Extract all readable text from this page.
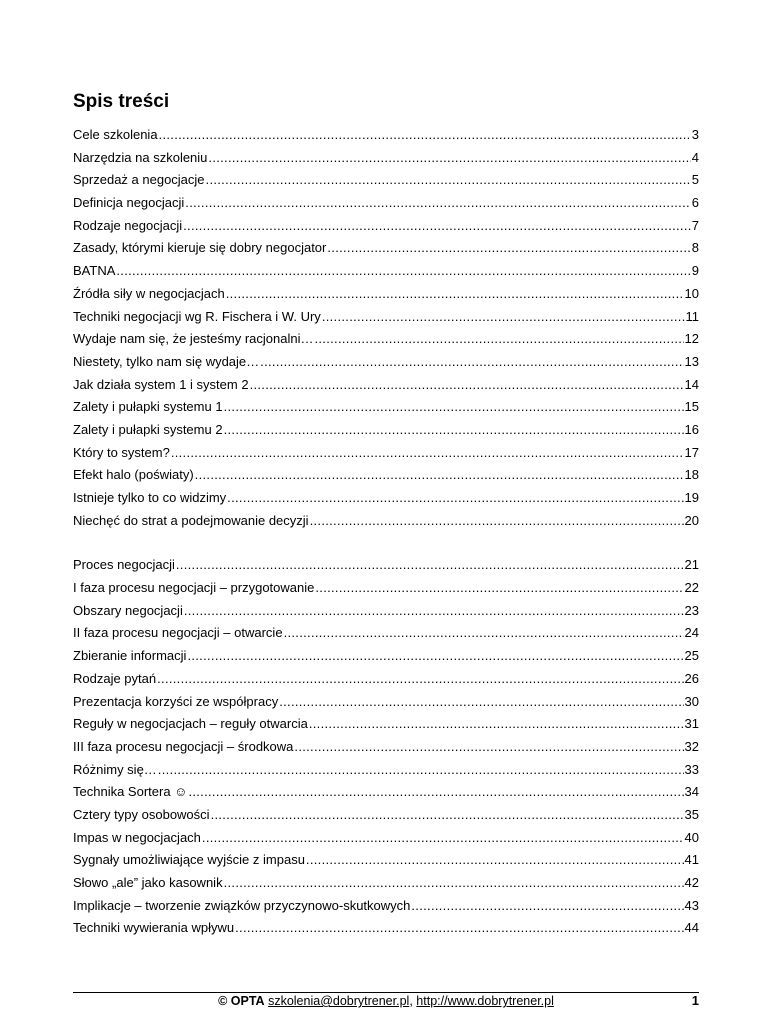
Spis treści
Cele szkolenia .....	3
Narzędzia na szkoleniu .....	4
Sprzedaż a negocjacje .....	5
Definicja negocjacji .....	6
Rodzaje negocjacji .....	7
Zasady, którymi kieruje się dobry negocjator .....	8
BATNA .....	9
Źródła siły w negocjacjach .....	10
Techniki negocjacji wg R. Fischera i W. Ury .....	11
Wydaje nam się, że jesteśmy racjonalni… .....	12
Niestety, tylko nam się wydaje… .....	13
Jak działa system 1 i system 2 .....	14
Zalety i pułapki systemu 1 .....	15
Zalety i pułapki systemu 2 .....	16
Który to system? .....	17
Efekt halo (poświaty) .....	18
Istnieje tylko to co widzimy .....	19
Niechęć do strat a podejmowanie decyzji .....	20
Proces negocjacji .....	21
I faza procesu negocjacji – przygotowanie .....	22
Obszary negocjacji .....	23
II faza procesu negocjacji – otwarcie .....	24
Zbieranie informacji .....	25
Rodzaje pytań .....	26
Prezentacja korzyści ze współpracy .....	30
Reguły w negocjacjach – reguły otwarcia .....	31
III faza procesu negocjacji – środkowa .....	32
Różnimy się… .....	33
Technika Sortera ☺ .....	34
Cztery typy osobowości .....	35
Impas w negocjacjach .....	40
Sygnały umożliwiające wyjście z impasu .....	41
Słowo „ale” jako kasownik .....	42
Implikacje – tworzenie związków przyczynowo-skutkowych .....	43
Techniki wywierania wpływu .....	44
© OPTA szkolenia@dobrytrener.pl, http://www.dobrytrener.pl	1
